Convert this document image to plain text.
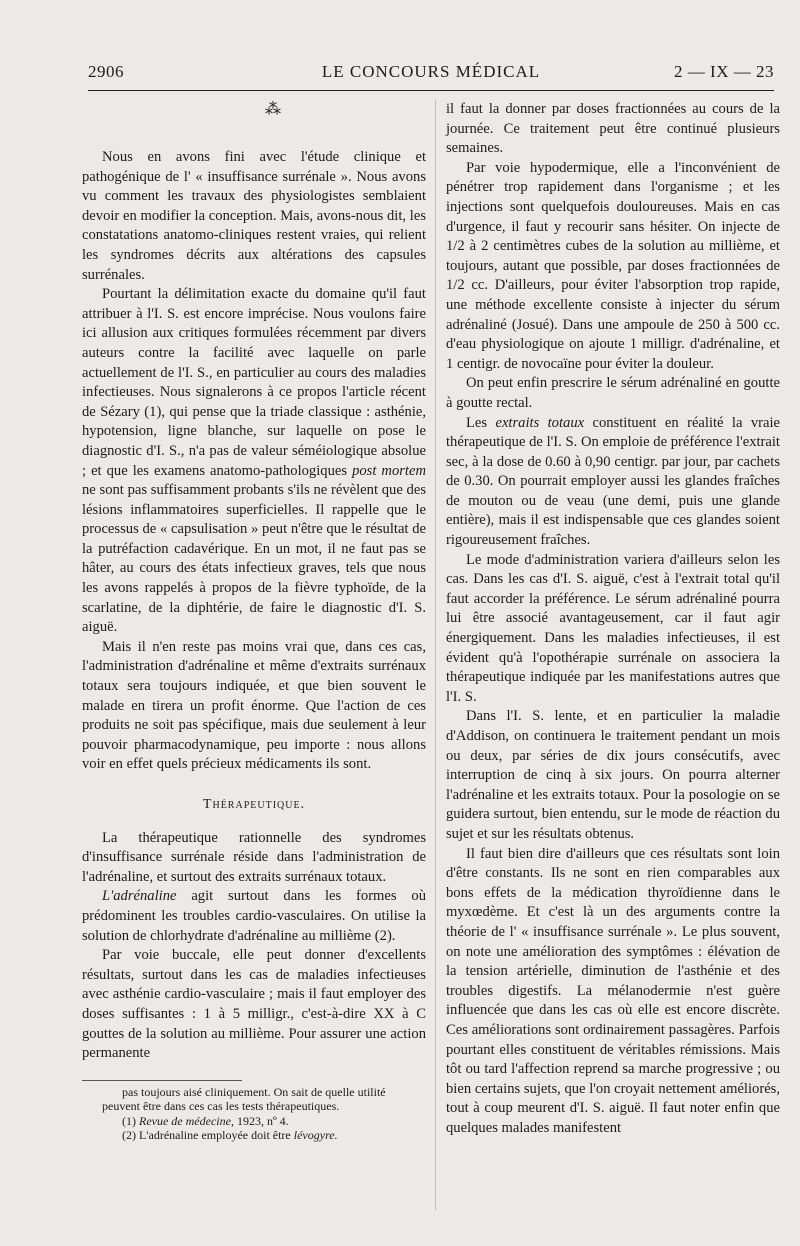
2906	LE CONCOURS MÉDICAL	2 — IX — 23
⁂

Nous en avons fini avec l'étude clinique et pathogénique de l' « insuffisance surrénale ». Nous avons vu comment les travaux des physiologistes semblaient devoir en modifier la conception. Mais, avons-nous dit, les constatations anatomo-cliniques restent vraies, qui relient les syndromes décrits aux altérations des capsules surrénales.

Pourtant la délimitation exacte du domaine qu'il faut attribuer à l'I. S. est encore imprécise. Nous voulons faire ici allusion aux critiques formulées récemment par divers auteurs contre la facilité avec laquelle on parle actuellement de l'I. S., en particulier au cours des maladies infectieuses. Nous signalerons à ce propos l'article récent de Sézary (1), qui pense que la triade classique : asthénie, hypotension, ligne blanche, sur laquelle on pose le diagnostic d'I. S., n'a pas de valeur séméiologique absolue ; et que les examens anatomo-pathologiques post mortem ne sont pas suffisamment probants s'ils ne révèlent que des lésions inflammatoires superficielles. Il rappelle que le processus de « capsulisation » peut n'être que le résultat de la putréfaction cadavérique. En un mot, il ne faut pas se hâter, au cours des états infectieux graves, tels que nous les avons rappelés à propos de la fièvre typhoïde, de la scarlatine, de la diphtérie, de faire le diagnostic d'I. S. aiguë.

Mais il n'en reste pas moins vrai que, dans ces cas, l'administration d'adrénaline et même d'extraits surrénaux totaux sera toujours indiquée, et que bien souvent le malade en tirera un profit énorme. Que l'action de ces produits ne soit pas spécifique, mais due seulement à leur pouvoir pharmacodynamique, peu importe : nous allons voir en effet quels précieux médicaments ils sont.

Thérapeutique.

La thérapeutique rationnelle des syndromes d'insuffisance surrénale réside dans l'administration de l'adrénaline, et surtout des extraits surrénaux totaux.

L'adrénaline agit surtout dans les formes où prédominent les troubles cardio-vasculaires. On utilise la solution de chlorhydrate d'adrénaline au millième (2).

Par voie buccale, elle peut donner d'excellents résultats, surtout dans les cas de maladies infectieuses avec asthénie cardio-vasculaire ; mais il faut employer des doses suffisantes : 1 à 5 milligr., c'est-à-dire XX à C gouttes de la solution au millième. Pour assurer une action permanente

pas toujours aisé cliniquement. On sait de quelle utilité peuvent être dans ces cas les tests thérapeutiques.

(1) Revue de médecine, 1923, nº 4.

(2) L'adrénaline employée doit être lévogyre.

il faut la donner par doses fractionnées au cours de la journée. Ce traitement peut être continué plusieurs semaines.

Par voie hypodermique, elle a l'inconvénient de pénétrer trop rapidement dans l'organisme ; et les injections sont quelquefois douloureuses. Mais en cas d'urgence, il faut y recourir sans hésiter. On injecte de 1/2 à 2 centimètres cubes de la solution au millième, et toujours, autant que possible, par doses fractionnées de 1/2 cc. D'ailleurs, pour éviter l'absorption trop rapide, une méthode excellente consiste à injecter du sérum adrénaliné (Josué). Dans une ampoule de 250 à 500 cc. d'eau physiologique on ajoute 1 milligr. d'adrénaline, et 1 centigr. de novocaïne pour éviter la douleur.

On peut enfin prescrire le sérum adrénaliné en goutte à goutte rectal.

Les extraits totaux constituent en réalité la vraie thérapeutique de l'I. S. On emploie de préférence l'extrait sec, à la dose de 0.60 à 0,90 centigr. par jour, par cachets de 0.30. On pourrait employer aussi les glandes fraîches de mouton ou de veau (une demi, puis une glande entière), mais il est indispensable que ces glandes soient rigoureusement fraîches.

Le mode d'administration variera d'ailleurs selon les cas. Dans les cas d'I. S. aiguë, c'est à l'extrait total qu'il faut accorder la préférence. Le sérum adrénaliné pourra lui être associé avantageusement, car il faut agir énergiquement. Dans les maladies infectieuses, il est évident qu'à l'opothérapie surrénale on associera la thérapeutique indiquée par les manifestations autres que l'I. S.

Dans l'I. S. lente, et en particulier la maladie d'Addison, on continuera le traitement pendant un mois ou deux, par séries de dix jours consécutifs, avec interruption de cinq à six jours. On pourra alterner l'adrénaline et les extraits totaux. Pour la posologie on se guidera surtout, bien entendu, sur le mode de réaction du sujet et sur les résultats obtenus.

Il faut bien dire d'ailleurs que ces résultats sont loin d'être constants. Ils ne sont en rien comparables aux bons effets de la médication thyroïdienne dans le myxœdème. Et c'est là un des arguments contre la théorie de l' « insuffisance surrénale ». Le plus souvent, on note une amélioration des symptômes : élévation de la tension artérielle, diminution de l'asthénie et des troubles digestifs. La mélanodermie n'est guère influencée que dans les cas où elle est encore discrète. Ces améliorations sont ordinairement passagères. Parfois pourtant elles constituent de véritables rémissions. Mais tôt ou tard l'affection reprend sa marche progressive ; ou bien certains sujets, que l'on croyait nettement améliorés, tout à coup meurent d'I. S. aiguë. Il faut noter enfin que quelques malades manifestent
